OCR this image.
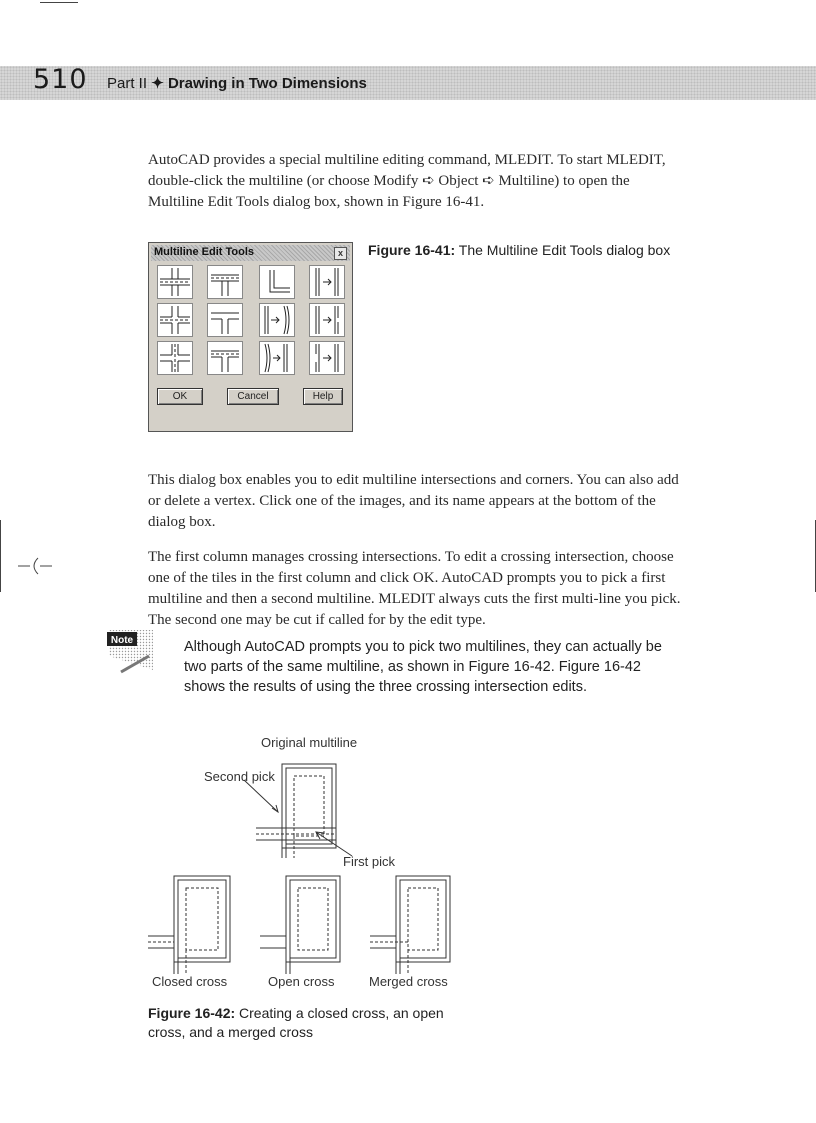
510 Part II ✦ Drawing in Two Dimensions

AutoCAD provides a special multiline editing command, MLEDIT. To start MLEDIT, double-click the multiline (or choose Modify ➪ Object ➪ Multiline) to open the Multiline Edit Tools dialog box, shown in Figure 16-41.

Multiline Edit Tools	x
OK	Cancel	Help
Figure 16-41: The Multiline Edit Tools dialog box

This dialog box enables you to edit multiline intersections and corners. You can also add or delete a vertex. Click one of the images, and its name appears at the bottom of the dialog box.

The first column manages crossing intersections. To edit a crossing intersection, choose one of the tiles in the first column and click OK. AutoCAD prompts you to pick a first multiline and then a second multiline. MLEDIT always cuts the first multi-line you pick. The second one may be cut if called for by the edit type.

Note	Although AutoCAD prompts you to pick two multilines, they can actually be two parts of the same multiline, as shown in Figure 16-42. Figure 16-42 shows the results of using the three crossing intersection edits.
Original multiline
Second pick
First pick
Closed cross	Open cross	Merged cross
Figure 16-42: Creating a closed cross, an open cross, and a merged cross
